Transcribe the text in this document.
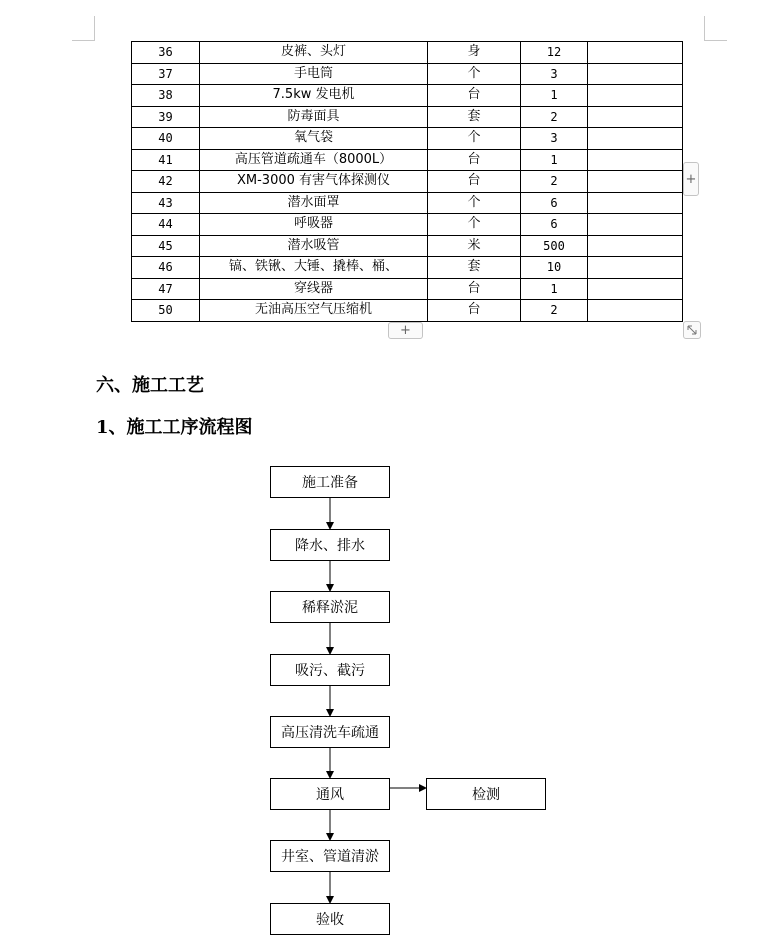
36	皮裤、头灯	身	12	
37	手电筒	个	3	
38	7.5kw 发电机	台	1	
39	防毒面具	套	2	
40	氧气袋	个	3	
41	高压管道疏通车（8000L）	台	1	
42	XM-3000 有害气体探测仪	台	2	
43	潜水面罩	个	6	
44	呼吸器	个	6	
45	潜水吸管	米	500	
46	镐、铁锹、大锤、撬棒、桶、	套	10	
47	穿线器	台	1	
50	无油高压空气压缩机	台	2	
+
+
六、施工工艺
1、施工工序流程图
施工准备
降水、排水
稀释淤泥
吸污、截污
高压清洗车疏通
通风	检测
井室、管道清淤
验收
